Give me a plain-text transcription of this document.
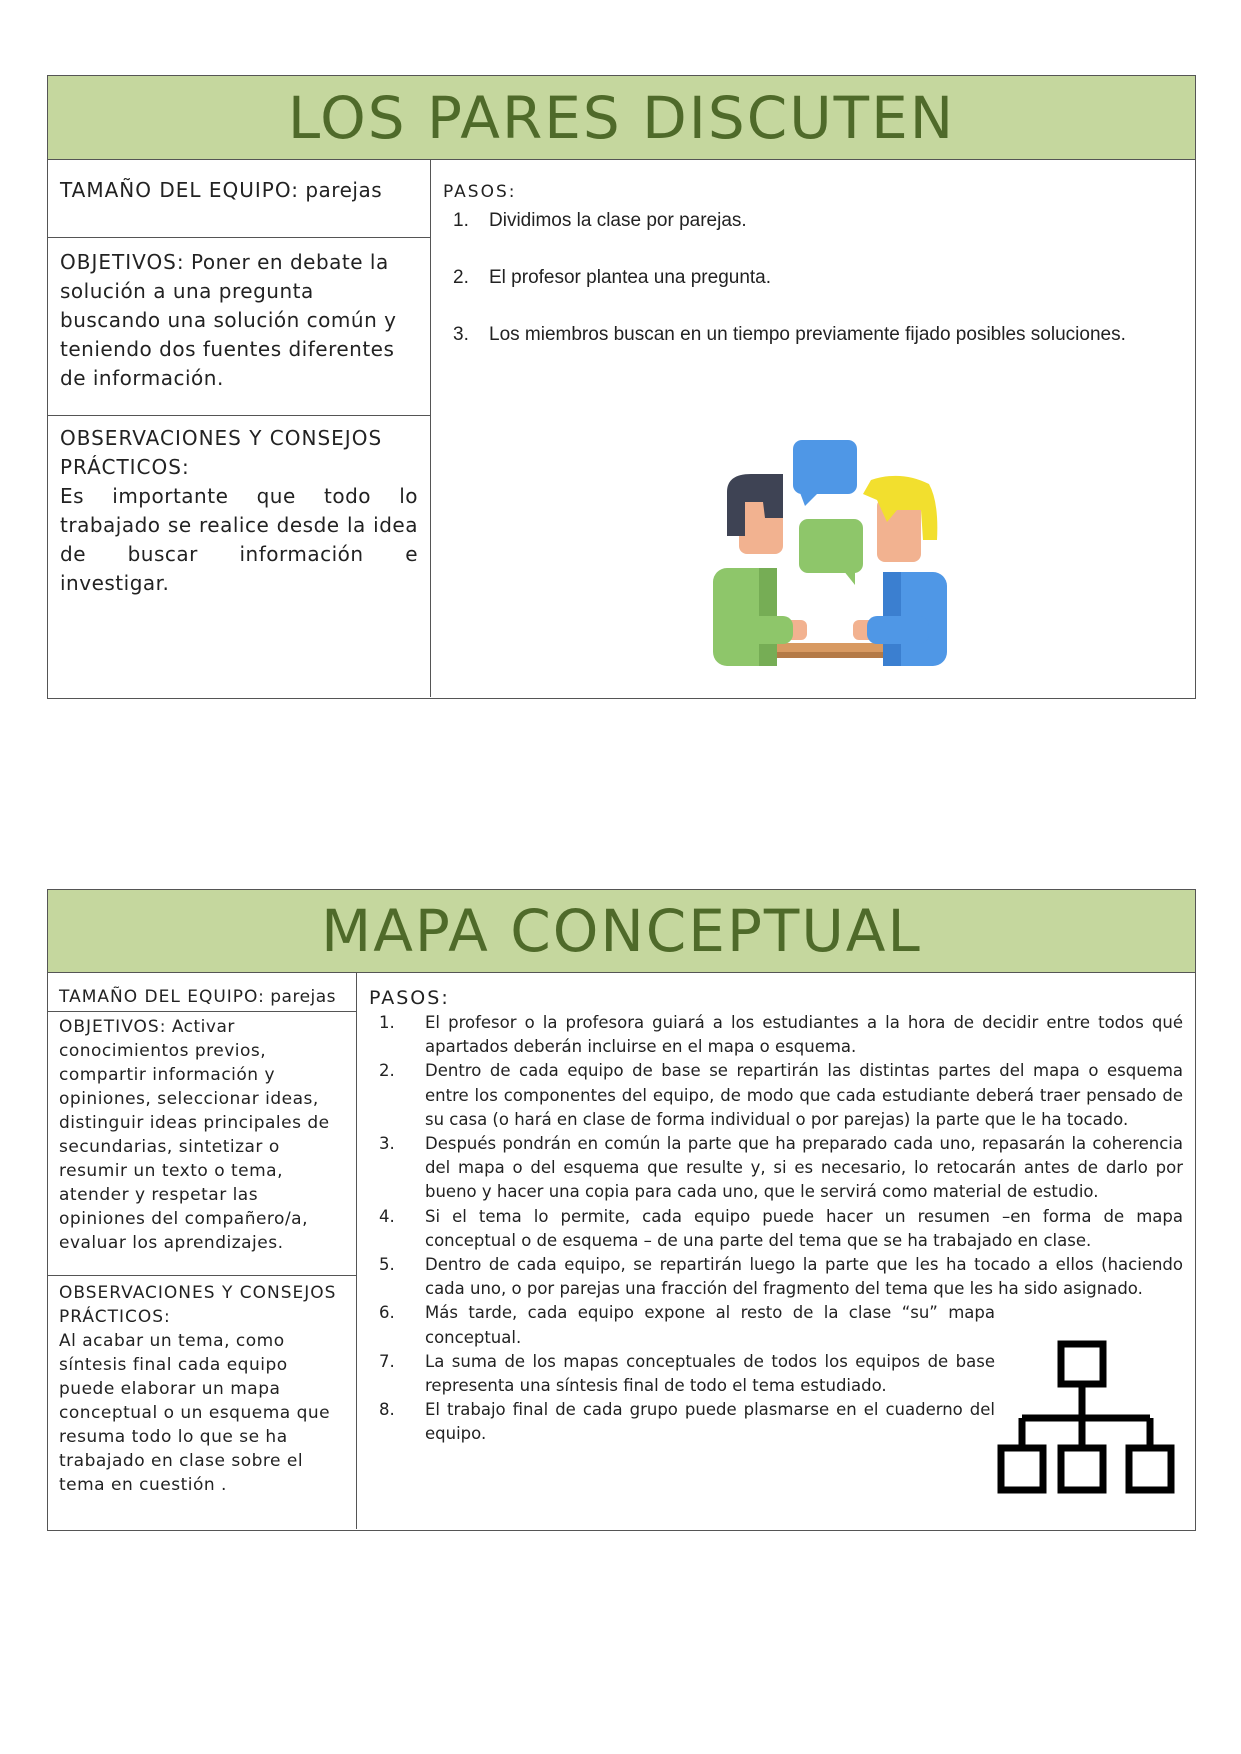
LOS PARES DISCUTEN
TAMAÑO DEL EQUIPO: parejas
OBJETIVOS: Poner en debate la solución a una pregunta buscando una solución común y teniendo dos fuentes diferentes de información.
OBSERVACIONES Y CONSEJOS PRÁCTICOS:
Es importante que todo lo trabajado se realice desde la idea de buscar información e investigar.
PASOS:
1.	Dividimos la clase por parejas.
2.	El profesor plantea una pregunta.
3.	Los miembros buscan en un tiempo previamente fijado posibles soluciones.
MAPA CONCEPTUAL
TAMAÑO DEL EQUIPO: parejas
OBJETIVOS: Activar conocimientos previos, compartir información y opiniones, seleccionar ideas, distinguir ideas principales de secundarias, sintetizar o resumir un texto o tema, atender y respetar las opiniones del compañero/a, evaluar los aprendizajes.
OBSERVACIONES Y CONSEJOS PRÁCTICOS:
Al acabar un tema, como síntesis final cada equipo puede elaborar un mapa conceptual o un esquema que resuma todo lo que se ha trabajado en clase sobre el tema en cuestión .
PASOS:
1.	El profesor o la profesora guiará a los estudiantes a la hora de decidir entre todos qué apartados deberán incluirse en el mapa o esquema.
2.	Dentro de cada equipo de base se repartirán las distintas partes del mapa o esquema entre los componentes del equipo, de modo que cada estudiante deberá traer pensado de su casa (o hará en clase de forma individual o por parejas) la parte que le ha tocado.
3.	Después pondrán en común la parte que ha preparado cada uno, repasarán la coherencia del mapa o del esquema que resulte y, si es necesario, lo retocarán antes de darlo por bueno y hacer una copia para cada uno, que le servirá como material de estudio.
4.	Si el tema lo permite, cada equipo puede hacer un resumen –en forma de mapa conceptual o de esquema – de una parte del tema que se ha trabajado en clase.
5.	Dentro de cada equipo, se repartirán luego la parte que les ha tocado a ellos (haciendo cada uno, o por parejas una fracción del fragmento del tema que les ha sido asignado.
6.	Más tarde, cada equipo expone al resto de la clase “su” mapa conceptual.
7.	La suma de los mapas conceptuales de todos los equipos de base representa una síntesis final de todo el tema estudiado.
8.	El trabajo final de cada grupo puede plasmarse en el cuaderno del equipo.
